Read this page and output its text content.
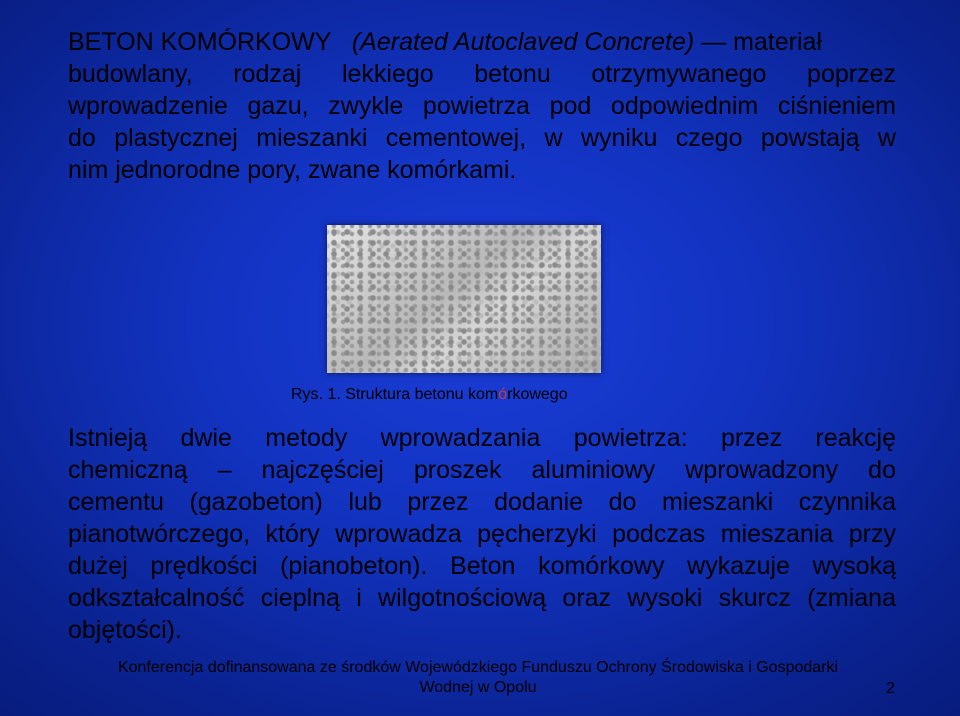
BETON KOMÓRKOWY (Aerated Autoclaved Concrete) — materiał
budowlany, rodzaj lekkiego betonu otrzymywanego poprzez
wprowadzenie gazu, zwykle powietrza pod odpowiednim ciśnieniem
do plastycznej mieszanki cementowej, w wyniku czego powstają w
nim jednorodne pory, zwane komórkami.
Rys. 1. Struktura betonu komórkowego
Istnieją dwie metody wprowadzania powietrza: przez reakcję
chemiczną – najczęściej proszek aluminiowy wprowadzony do
cementu (gazobeton) lub przez dodanie do mieszanki czynnika
pianotwórczego, który wprowadza pęcherzyki podczas mieszania przy
dużej prędkości (pianobeton). Beton komórkowy wykazuje wysoką
odkształcalność cieplną i wilgotnościową oraz wysoki skurcz (zmiana
objętości).
Konferencja dofinansowana ze środków Wojewódzkiego Funduszu Ochrony Środowiska i Gospodarki
Wodnej w Opolu	2
